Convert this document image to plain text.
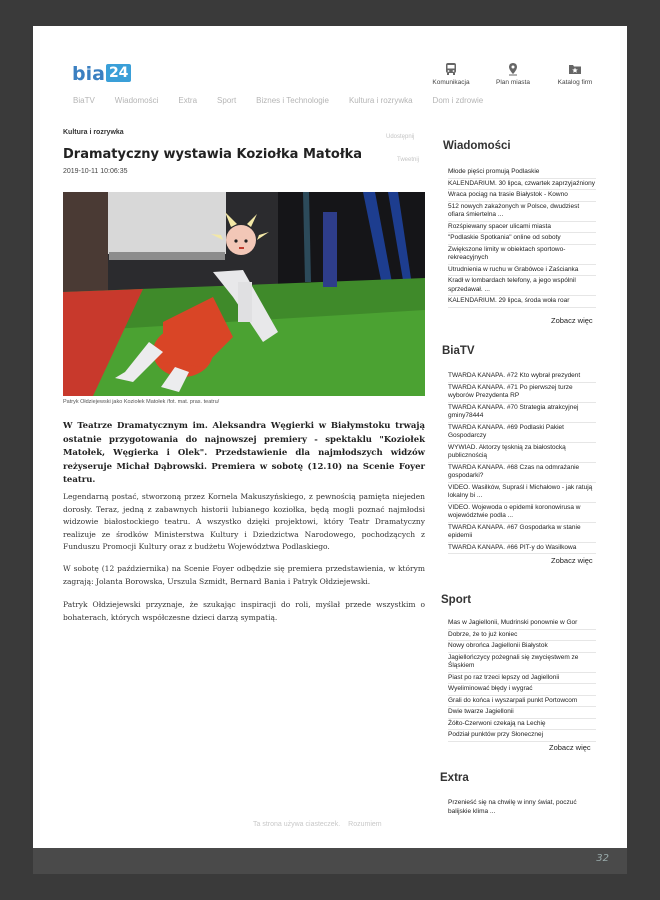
bia 24
Komunikacja	Plan miasta	Katalog firm
BiaTV	Wiadomości	Extra	Sport	Biznes i Technologie	Kultura i rozrywka	Dom i zdrowie
Kultura i rozrywka
Udostępnij
Tweetnij
Dramatyczny wystawia Koziołka Matołka
2019-10-11 10:06:35
Patryk Ołdziejewski jako Koziołek Matołek /fot. mat. pras. teatru/

W Teatrze Dramatycznym im. Aleksandra Węgierki w Białymstoku trwają ostatnie przygotowania do najnowszej premiery - spektaklu "Koziołek Matołek, Węgierka i Olek". Przedstawienie dla najmłodszych widzów reżyseruje Michał Dąbrowski. Premiera w sobotę (12.10) na Scenie Foyer teatru.

Legendarną postać, stworzoną przez Kornela Makuszyńskiego, z pewnością pamięta niejeden dorosły. Teraz, jedną z zabawnych historii lubianego koziołka, będą mogli poznać najmłodsi widzowie białostockiego teatru. A wszystko dzięki projektowi, który Teatr Dramatyczny realizuje ze środków Ministerstwa Kultury i Dziedzictwa Narodowego, pochodzących z Funduszu Promocji Kultury oraz z budżetu Województwa Podlaskiego.

W sobotę (12 października) na Scenie Foyer odbędzie się premiera przedstawienia, w którym zagrają: Jolanta Borowska, Urszula Szmidt, Bernard Bania i Patryk Ołdziejewski.

Patryk Ołdziejewski przyznaje, że szukając inspiracji do roli, myślał przede wszystkim o bohaterach, których współczesne dzieci darzą sympatią.

Ta strona używa ciasteczek. Rozumiem
Wiadomości
Młode pięści promują Podlaskie
KALENDARIUM. 30 lipca, czwartek zaprzyjaźniony
Wraca pociąg na trasie Białystok - Kowno
512 nowych zakażonych w Polsce, dwudziest ofiara śmiertelna ...
Rozśpiewany spacer ulicami miasta
"Podlaskie Spotkania" online od soboty
Zwiększone limity w obiektach sportowo-rekreacyjnych
Utrudnienia w ruchu w Grabówce i Zaścianka
Kradł w lombardach telefony, a jego wspólnil sprzedawał. ...
KALENDARIUM. 29 lipca, środa woła roar
Zobacz więc
BiaTV
TWARDA KANAPA. #72 Kto wybrał prezydent
TWARDA KANAPA. #71 Po pierwszej turze wyborów Prezydenta RP
TWARDA KANAPA. #70 Strategia atrakcyjnej gminy78444
TWARDA KANAPA. #69 Podlaski Pakiet Gospodarczy
WYWIAD. Aktorzy tęsknią za białostocką publicznością
TWARDA KANAPA. #68 Czas na odmrażanie gospodarki?
VIDEO. Wasilków, Supraśl i Michałowo - jak ratują lokalny bi ...
VIDEO. Wojewoda o epidemii koronowirusa w województwie podla ...
TWARDA KANAPA. #67 Gospodarka w stanie epidemii
TWARDA KANAPA. #66 PIT-y do Wasilkowa
Zobacz więc
Sport
Mas w Jagiellonii, Mudrinski ponownie w Gor
Dobrze, że to już koniec
Nowy obrońca Jagiellonii Białystok
Jagiellończycy pożegnali się zwycięstwem ze Śląskiem
Piast po raz trzeci lepszy od Jagiellonii
Wyeliminować błędy i wygrać
Grali do końca i wyszarpali punkt Portowcom
Dwie twarze Jagiellonii
Żółto-Czerwoni czekają na Lechię
Podział punktów przy Słonecznej
Zobacz więc
Extra
Przenieść się na chwilę w inny świat, poczuć balijskie klima ...
32
